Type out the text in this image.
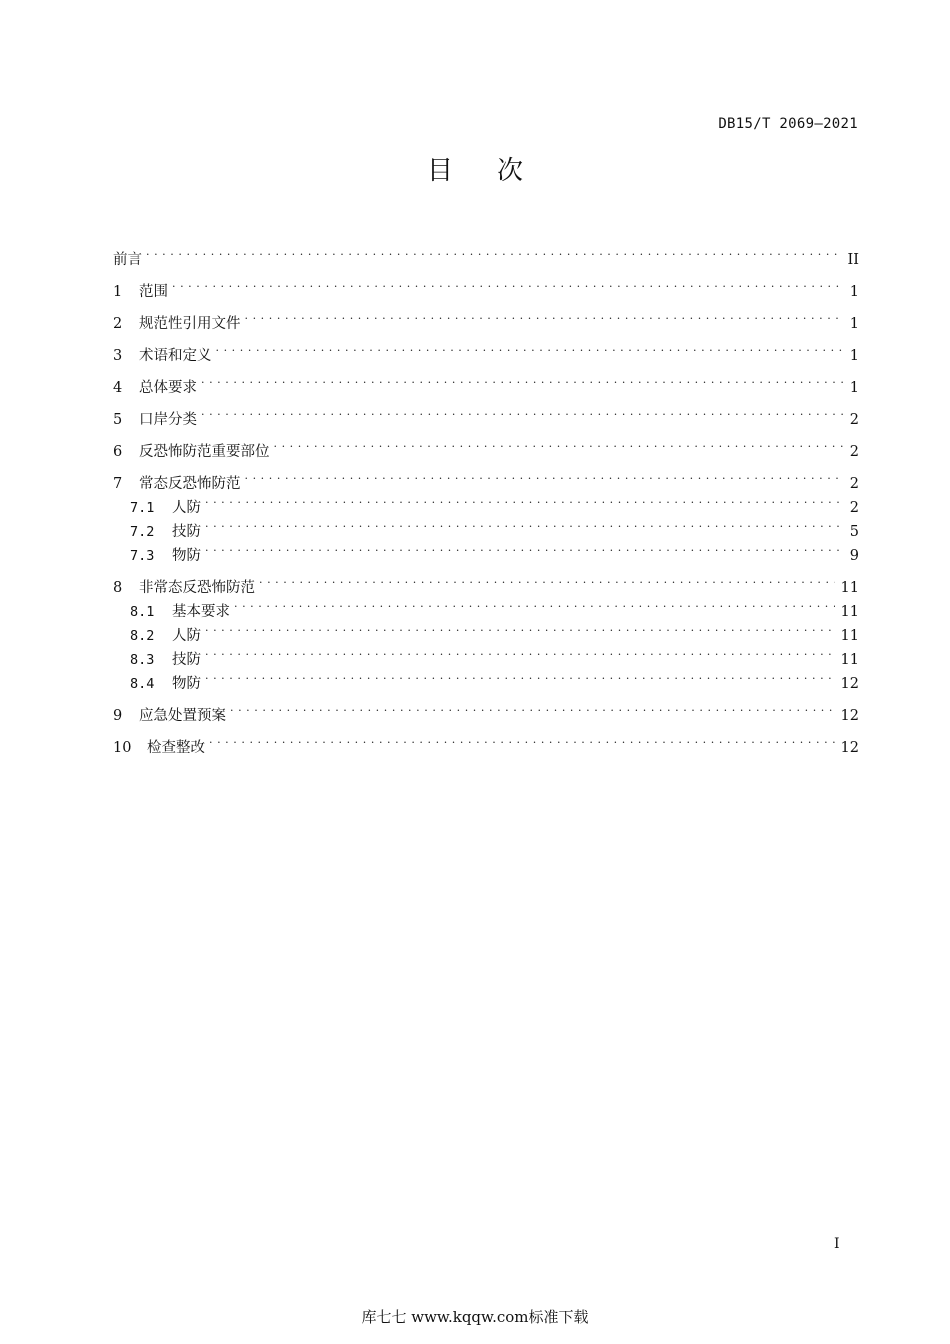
DB15/T 2069—2021
目次
前言 . . .	II
1	范围 . . .	1
2	规范性引用文件 . . .	1
3	术语和定义 . . .	1
4	总体要求 . . .	1
5	口岸分类 . . .	2
6	反恐怖防范重要部位 . . .	2
7	常态反恐怖防范 . . .	2
7.1	人防 . . .	2
7.2	技防 . . .	5
7.3	物防 . . .	9
8	非常态反恐怖防范 . . .	11
8.1	基本要求 . . .	11
8.2	人防 . . .	11
8.3	技防 . . .	11
8.4	物防 . . .	12
9	应急处置预案 . . .	12
10	检查整改 . . .	12
I
库七七 www.kqqw.com标准下载
